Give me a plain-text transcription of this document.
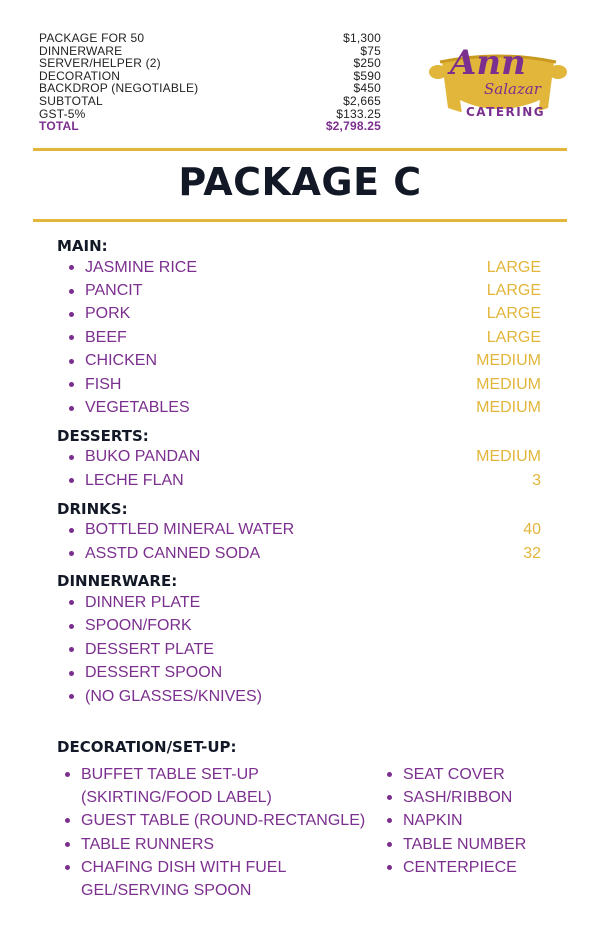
PACKAGE FOR 50	$1,300
DINNERWARE	$75
SERVER/HELPER (2)	$250
DECORATION	$590
BACKDROP (NEGOTIABLE)	$450
SUBTOTAL	$2,665
GST-5%	$133.25
TOTAL	$2,798.25
Ann
Salazar
CATERING
PACKAGE C
MAIN:
JASMINE RICE	LARGE
PANCIT	LARGE
PORK	LARGE
BEEF	LARGE
CHICKEN	MEDIUM
FISH	MEDIUM
VEGETABLES	MEDIUM
DESSERTS:
BUKO PANDAN	MEDIUM
LECHE FLAN	3
DRINKS:
BOTTLED MINERAL WATER	40
ASSTD CANNED SODA	32
DINNERWARE:
DINNER PLATE
SPOON/FORK
DESSERT PLATE
DESSERT SPOON
(NO GLASSES/KNIVES)
DECORATION/SET-UP:
BUFFET TABLE SET-UP (SKIRTING/FOOD LABEL)
GUEST TABLE (ROUND-RECTANGLE)
TABLE RUNNERS
CHAFING DISH WITH FUEL GEL/SERVING SPOON
SEAT COVER
SASH/RIBBON
NAPKIN
TABLE NUMBER
CENTERPIECE
